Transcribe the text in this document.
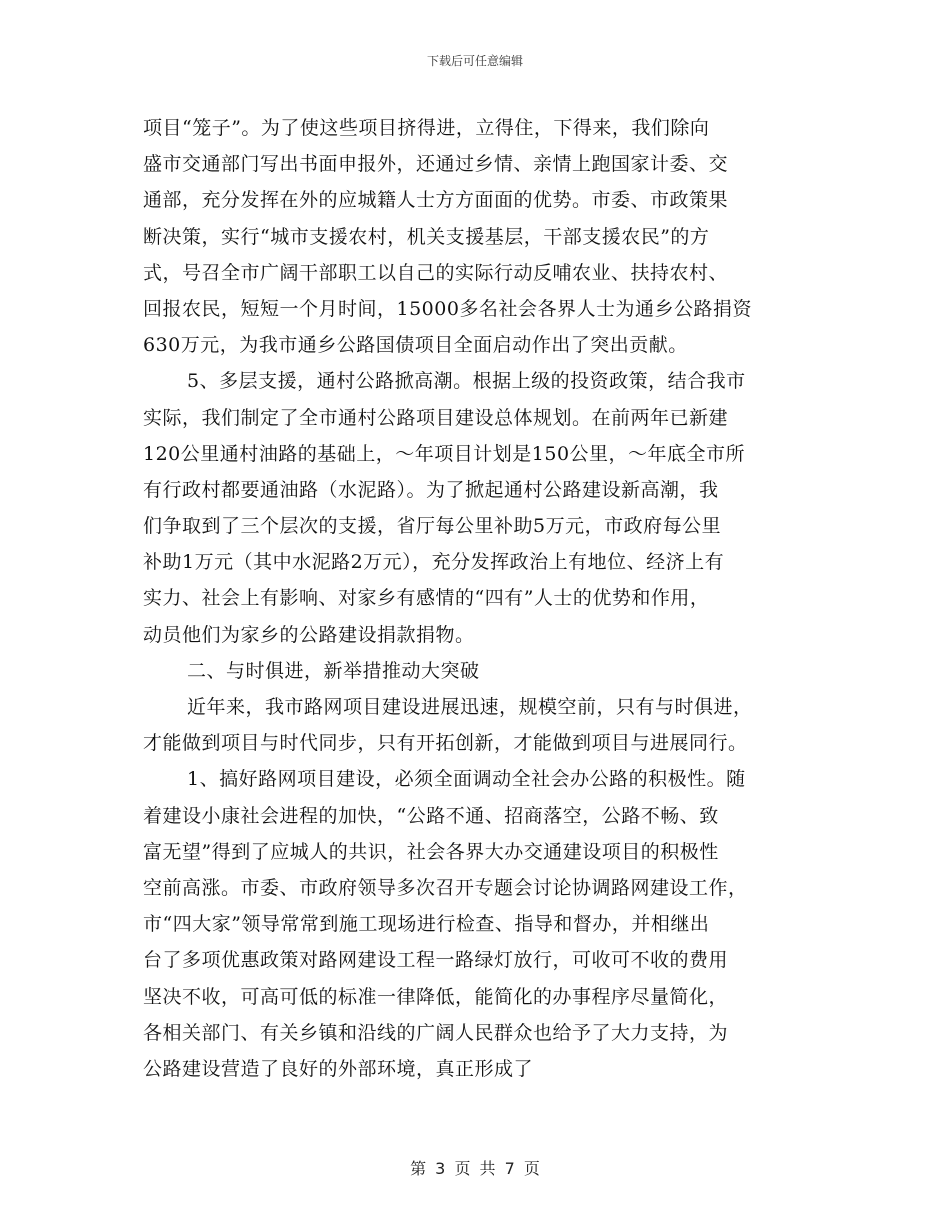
下载后可任意编辑
项目“笼子”。为了使这些项目挤得进，立得住，下得来，我们除向
盛市交通部门写出书面申报外，还通过乡情、亲情上跑国家计委、交
通部，充分发挥在外的应城籍人士方方面面的优势。市委、市政策果
断决策，实行“城市支援农村，机关支援基层，干部支援农民”的方
式，号召全市广阔干部职工以自己的实际行动反哺农业、扶持农村、
回报农民，短短一个月时间，15000多名社会各界人士为通乡公路捐资
630万元，为我市通乡公路国债项目全面启动作出了突出贡献。
5、多层支援，通村公路掀高潮。根据上级的投资政策，结合我市
实际，我们制定了全市通村公路项目建设总体规划。在前两年已新建
120公里通村油路的基础上，～年项目计划是150公里，～年底全市所
有行政村都要通油路（水泥路）。为了掀起通村公路建设新高潮，我
们争取到了三个层次的支援，省厅每公里补助5万元，市政府每公里
补助1万元（其中水泥路2万元），充分发挥政治上有地位、经济上有
实力、社会上有影响、对家乡有感情的“四有”人士的优势和作用，
动员他们为家乡的公路建设捐款捐物。
二、与时俱进，新举措推动大突破
近年来，我市路网项目建设进展迅速，规模空前，只有与时俱进，
才能做到项目与时代同步，只有开拓创新，才能做到项目与进展同行。
1、搞好路网项目建设，必须全面调动全社会办公路的积极性。随
着建设小康社会进程的加快，“公路不通、招商落空，公路不畅、致
富无望”得到了应城人的共识，社会各界大办交通建设项目的积极性
空前高涨。市委、市政府领导多次召开专题会讨论协调路网建设工作，
市“四大家”领导常常到施工现场进行检查、指导和督办，并相继出
台了多项优惠政策对路网建设工程一路绿灯放行，可收可不收的费用
坚决不收，可高可低的标准一律降低，能简化的办事程序尽量简化，
各相关部门、有关乡镇和沿线的广阔人民群众也给予了大力支持，为
公路建设营造了良好的外部环境，真正形成了
第 3 页 共 7 页
